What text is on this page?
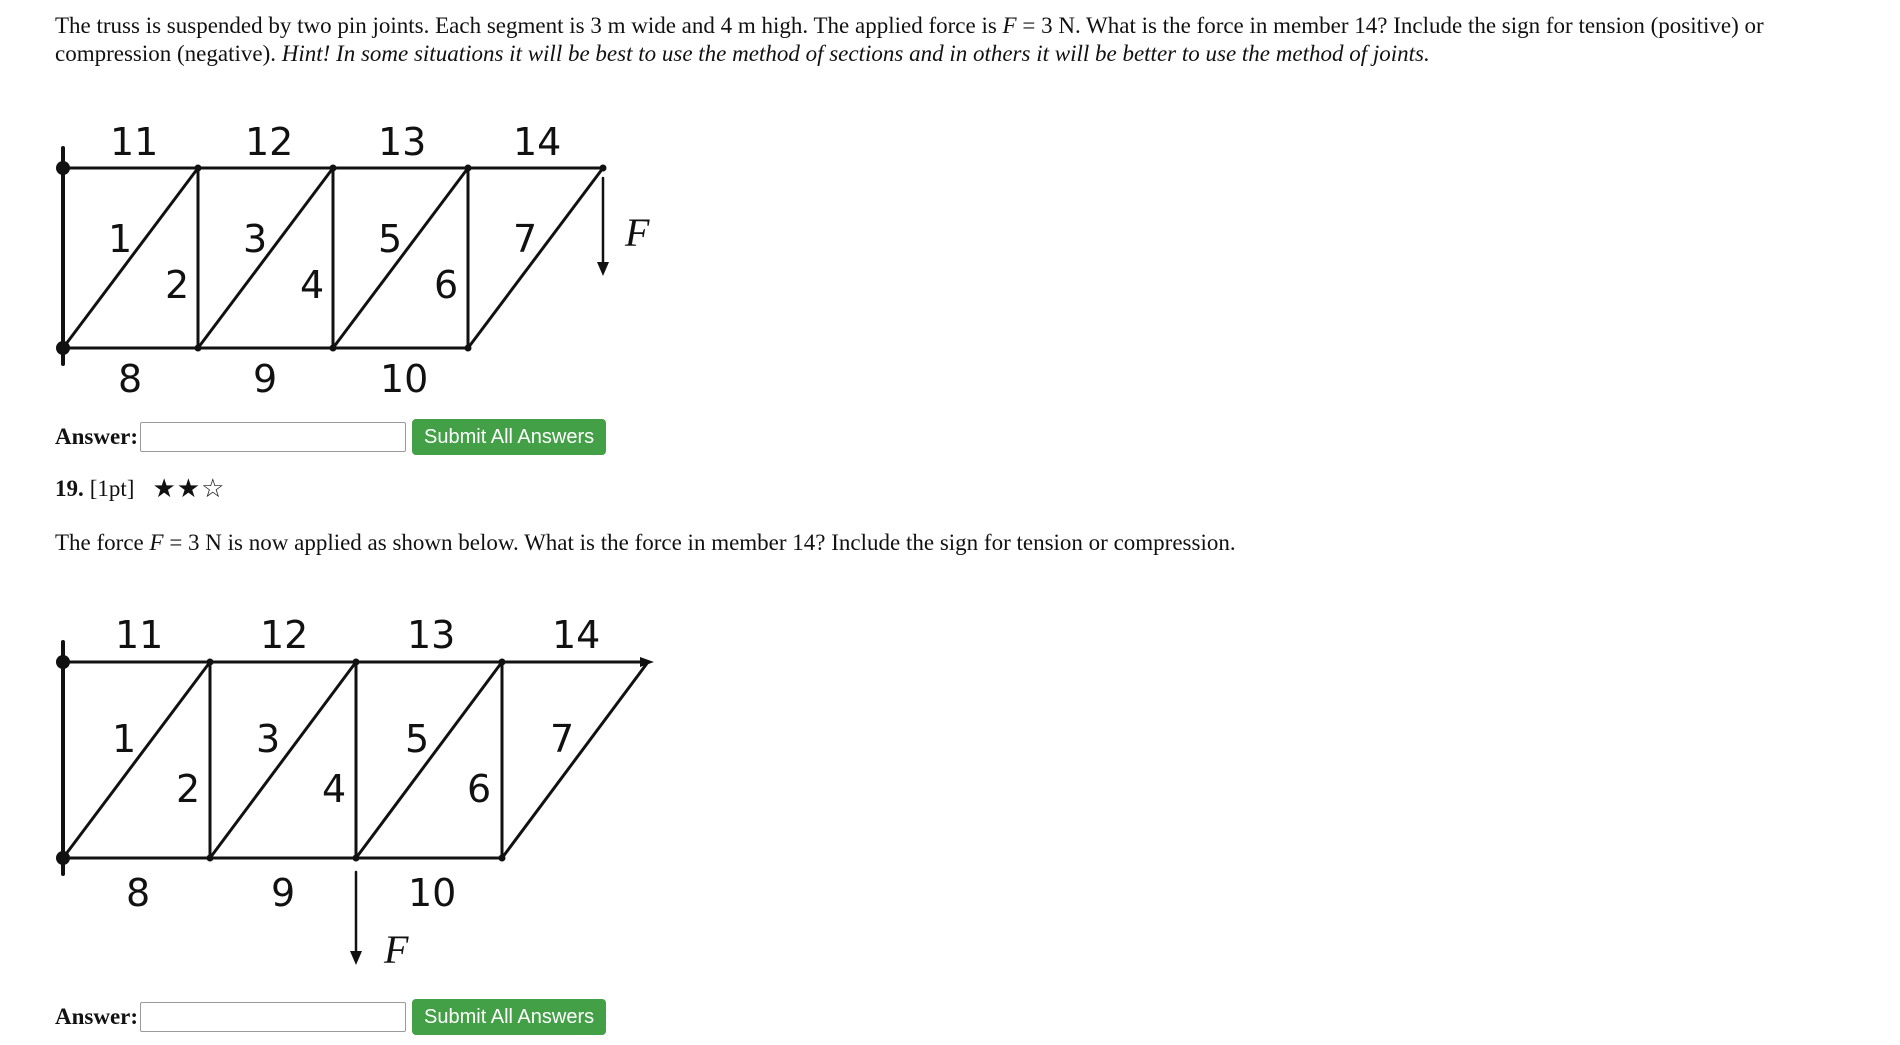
The truss is suspended by two pin joints. Each segment is 3 m wide and 4 m high. The applied force is F = 3 N. What is the force in member 14? Include the sign for tension (positive) or compression (negative). Hint! In some situations it will be best to use the method of sections and in others it will be better to use the method of joints.
11 12 13 14
1	3	5	7
2	4	6
8	9	10
F
Answer:	Submit All Answers
19. [1pt] ★★☆
The force F = 3 N is now applied as shown below. What is the force in member 14? Include the sign for tension or compression.
11	12	13	14
1	3	5	7
2	4	6
8	9	10
F
Answer:	Submit All Answers
